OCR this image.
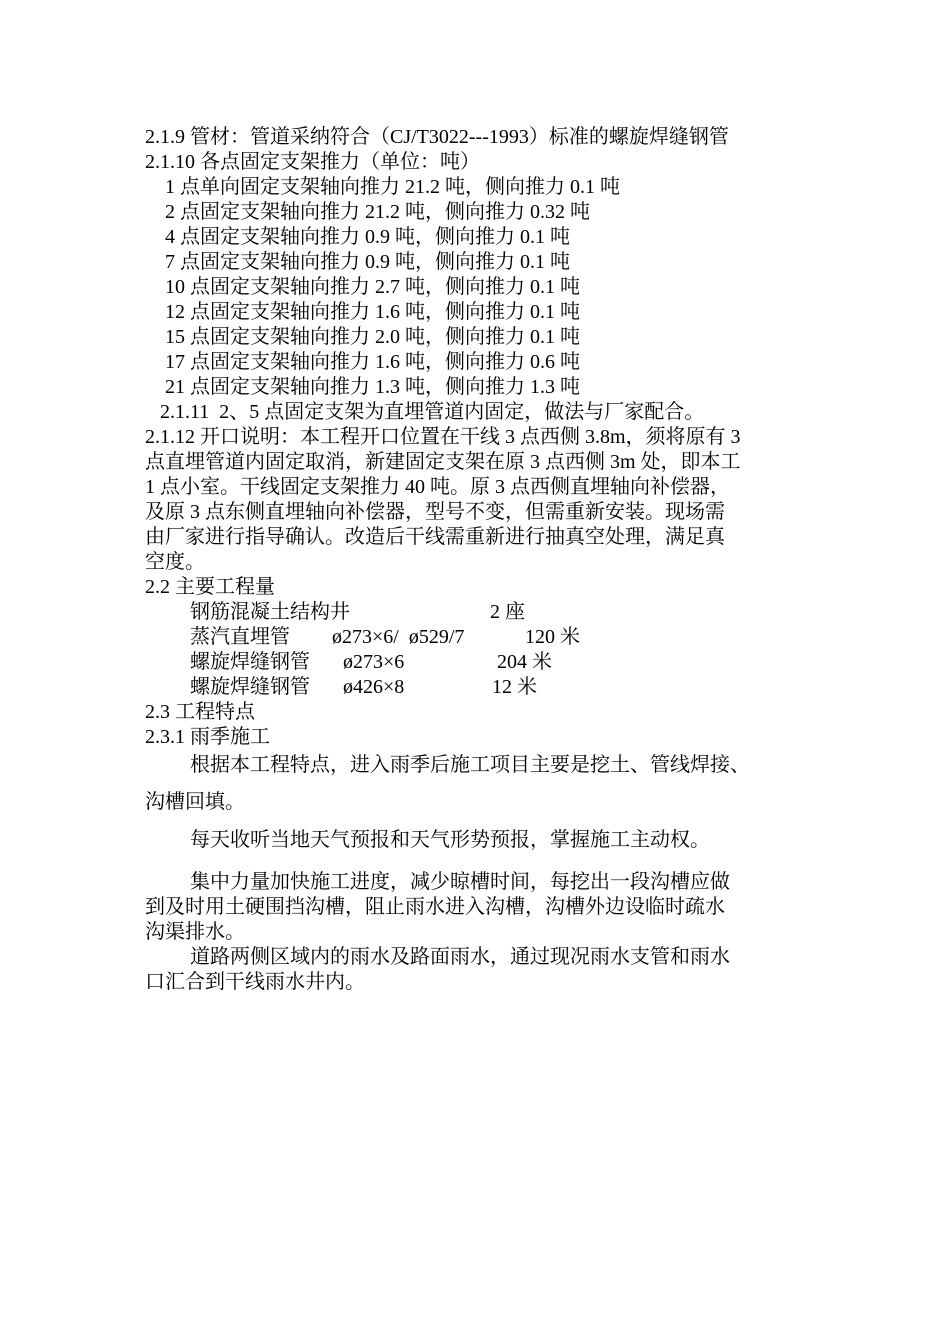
2.1.9 管材：管道采纳符合（CJ/T3022---1993）标准的螺旋焊缝钢管
2.1.10 各点固定支架推力（单位：吨）
1 点单向固定支架轴向推力 21.2 吨，侧向推力 0.1 吨
2 点固定支架轴向推力 21.2 吨，侧向推力 0.32 吨
4 点固定支架轴向推力 0.9 吨，侧向推力 0.1 吨
7 点固定支架轴向推力 0.9 吨，侧向推力 0.1 吨
10 点固定支架轴向推力 2.7 吨，侧向推力 0.1 吨
12 点固定支架轴向推力 1.6 吨，侧向推力 0.1 吨
15 点固定支架轴向推力 2.0 吨，侧向推力 0.1 吨
17 点固定支架轴向推力 1.6 吨，侧向推力 0.6 吨
21 点固定支架轴向推力 1.3 吨，侧向推力 1.3 吨
2.1.11  2、5 点固定支架为直埋管道内固定，做法与厂家配合。
2.1.12 开口说明：本工程开口位置在干线 3 点西侧 3.8m，须将原有 3
点直埋管道内固定取消，新建固定支架在原 3 点西侧 3m 处，即本工
1 点小室。干线固定支架推力 40 吨。原 3 点西侧直埋轴向补偿器，
及原 3 点东侧直埋轴向补偿器，型号不变，但需重新安装。现场需
由厂家进行指导确认。改造后干线需重新进行抽真空处理，满足真
空度。
2.2 主要工程量
钢筋混凝土结构井	2 座
蒸汽直埋管 ø273×6/  ø529/7	120 米
螺旋焊缝钢管 ø273×6	204 米
螺旋焊缝钢管 ø426×8	12 米
2.3 工程特点
2.3.1 雨季施工
根据本工程特点，进入雨季后施工项目主要是挖土、管线焊接、
沟槽回填。
每天收听当地天气预报和天气形势预报，掌握施工主动权。
集中力量加快施工进度，减少晾槽时间，每挖出一段沟槽应做
到及时用土硬围挡沟槽，阻止雨水进入沟槽，沟槽外边设临时疏水
沟渠排水。
道路两侧区域内的雨水及路面雨水，通过现况雨水支管和雨水
口汇合到干线雨水井内。
